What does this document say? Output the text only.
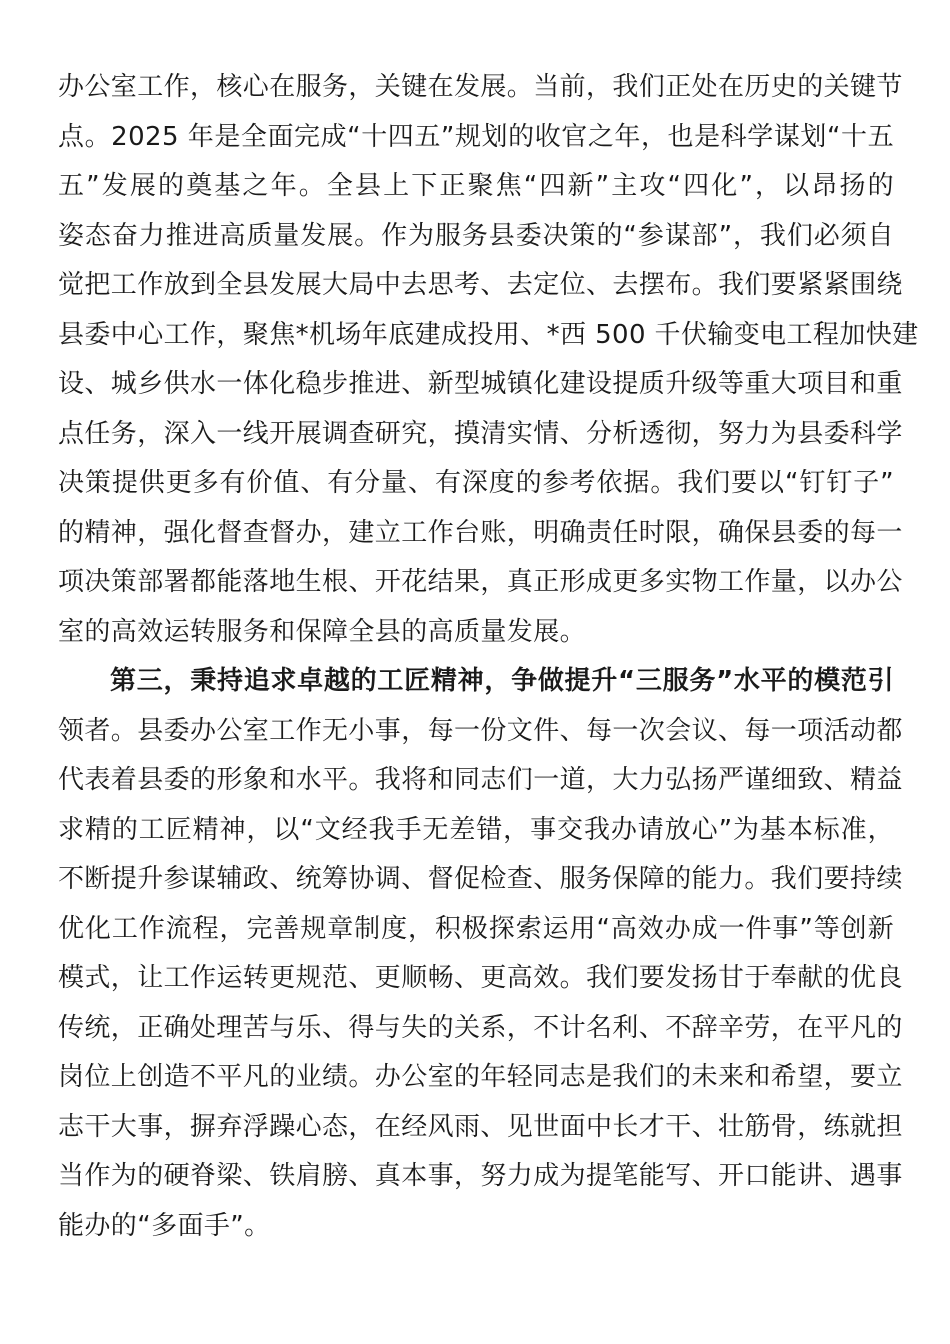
办公室工作，核心在服务，关键在发展。当前，我们正处在历史的关键节
点。2025 年是全面完成“十四五”规划的收官之年，也是科学谋划“十五
五”发展的奠基之年。全县上下正聚焦“四新”主攻“四化”，以昂扬的
姿态奋力推进高质量发展。作为服务县委决策的“参谋部”，我们必须自
觉把工作放到全县发展大局中去思考、去定位、去摆布。我们要紧紧围绕
县委中心工作，聚焦*机场年底建成投用、*西 500 千伏输变电工程加快建
设、城乡供水一体化稳步推进、新型城镇化建设提质升级等重大项目和重
点任务，深入一线开展调查研究，摸清实情、分析透彻，努力为县委科学
决策提供更多有价值、有分量、有深度的参考依据。我们要以“钉钉子”
的精神，强化督查督办，建立工作台账，明确责任时限，确保县委的每一
项决策部署都能落地生根、开花结果，真正形成更多实物工作量，以办公
室的高效运转服务和保障全县的高质量发展。
第三，秉持追求卓越的工匠精神，争做提升“三服务”水平的模范引
领者。县委办公室工作无小事，每一份文件、每一次会议、每一项活动都
代表着县委的形象和水平。我将和同志们一道，大力弘扬严谨细致、精益
求精的工匠精神，以“文经我手无差错，事交我办请放心”为基本标准，
不断提升参谋辅政、统筹协调、督促检查、服务保障的能力。我们要持续
优化工作流程，完善规章制度，积极探索运用“高效办成一件事”等创新
模式，让工作运转更规范、更顺畅、更高效。我们要发扬甘于奉献的优良
传统，正确处理苦与乐、得与失的关系，不计名利、不辞辛劳，在平凡的
岗位上创造不平凡的业绩。办公室的年轻同志是我们的未来和希望，要立
志干大事，摒弃浮躁心态，在经风雨、见世面中长才干、壮筋骨，练就担
当作为的硬脊梁、铁肩膀、真本事，努力成为提笔能写、开口能讲、遇事
能办的“多面手”。
